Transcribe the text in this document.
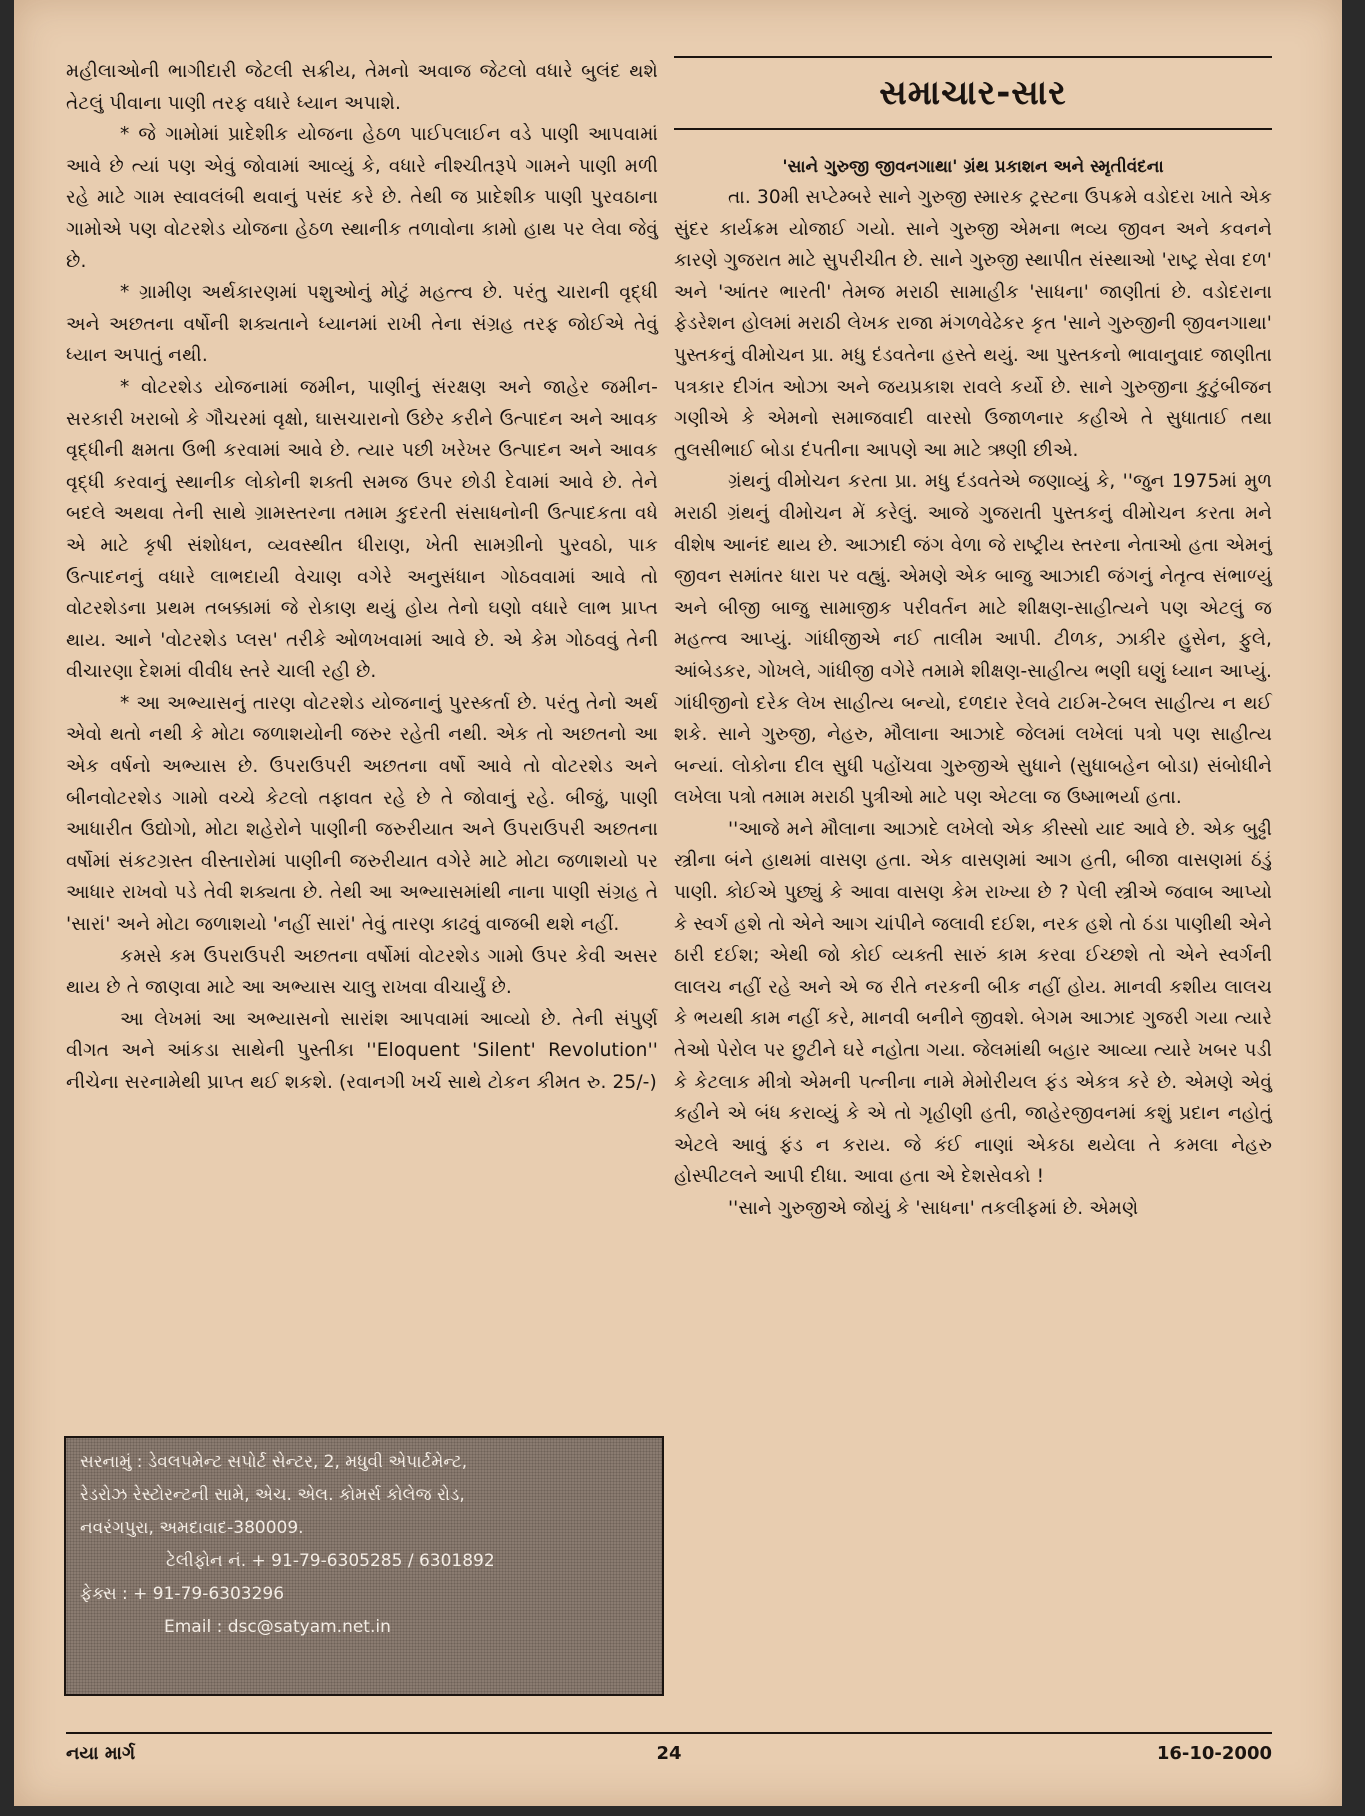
મહીલાઓની ભાગીદારી જેટલી સક્રીય, તેમનો અવાજ જેટલો વધારે બુલંદ થશે તેટલું પીવાના પાણી તરફ વધારે ધ્યાન અપાશે.

* જે ગામોમાં પ્રાદેશીક યોજના હેઠળ પાઈપલાઈન વડે પાણી આપવામાં આવે છે ત્યાં પણ એવું જોવામાં આવ્યું કે, વધારે નીશ્ચીતરૂપે ગામને પાણી મળી રહે માટે ગામ સ્વાવલંબી થવાનું પસંદ કરે છે. તેથી જ પ્રાદેશીક પાણી પુરવઠાના ગામોએ પણ વોટરશેડ યોજના હેઠળ સ્થાનીક તળાવોના કામો હાથ પર લેવા જેવું છે.

* ગ્રામીણ અર્થકારણમાં પશુઓનું મોટું મહત્ત્વ છે. પરંતુ ચારાની વૃદ્ધી અને અછતના વર્ષોની શક્યતાને ધ્યાનમાં રાખી તેના સંગ્રહ તરફ જોઈએ તેવું ધ્યાન અપાતું નથી.

* વોટરશેડ યોજનામાં જમીન, પાણીનું સંરક્ષણ અને જાહેર જમીન-સરકારી ખરાબો કે ગૌચરમાં વૃક્ષો, ઘાસચારાનો ઉછેર કરીને ઉત્પાદન અને આવક વૃદ્ધીની ક્ષમતા ઉભી કરવામાં આવે છે. ત્યાર પછી ખરેખર ઉત્પાદન અને આવક વૃદ્ધી કરવાનું સ્થાનીક લોકોની શક્તી સમજ ઉપર છોડી દેવામાં આવે છે. તેને બદલે અથવા તેની સાથે ગ્રામસ્તરના તમામ કુદરતી સંસાધનોની ઉત્પાદકતા વધે એ માટે કૃષી સંશોધન, વ્યવસ્થીત ધીરાણ, ખેતી સામગ્રીનો પુરવઠો, પાક ઉત્પાદનનું વધારે લાભદાયી વેચાણ વગેરે અનુસંધાન ગોઠવવામાં આવે તો વોટરશેડના પ્રથમ તબક્કામાં જે રોકાણ થયું હોય તેનો ઘણો વધારે લાભ પ્રાપ્ત થાય. આને 'વોટરશેડ પ્લસ' તરીકે ઓળખવામાં આવે છે. એ કેમ ગોઠવવું તેની વીચારણા દેશમાં વીવીધ સ્તરે ચાલી રહી છે.

* આ અભ્યાસનું તારણ વોટરશેડ યોજનાનું પુરસ્કર્તા છે. પરંતુ તેનો અર્થ એવો થતો નથી કે મોટા જળાશયોની જરુર રહેતી નથી. એક તો અછતનો આ એક વર્ષનો અભ્યાસ છે. ઉપરાઉપરી અછતના વર્ષો આવે તો વોટરશેડ અને બીનવોટરશેડ ગામો વચ્ચે કેટલો તફાવત રહે છે તે જોવાનું રહે. બીજું, પાણી આધારીત ઉદ્યોગો, મોટા શહેરોને પાણીની જરુરીયાત અને ઉપરાઉપરી અછતના વર્ષોમાં સંકટગ્રસ્ત વીસ્તારોમાં પાણીની જરુરીયાત વગેરે માટે મોટા જળાશયો પર આધાર રાખવો પડે તેવી શક્યતા છે. તેથી આ અભ્યાસમાંથી નાના પાણી સંગ્રહ તે 'સારાં' અને મોટા જળાશયો 'નહીં સારાં' તેવું તારણ કાઢવું વાજબી થશે નહીં.

કમસે કમ ઉપરાઉપરી અછતના વર્ષોમાં વોટરશેડ ગામો ઉપર કેવી અસર થાય છે તે જાણવા માટે આ અભ્યાસ ચાલુ રાખવા વીચાર્યું છે.

આ લેખમાં આ અભ્યાસનો સારાંશ આપવામાં આવ્યો છે. તેની સંપુર્ણ વીગત અને આંકડા સાથેની પુસ્તીકા ''Eloquent 'Silent' Revolution'' નીચેના સરનામેથી પ્રાપ્ત થઈ શકશે. (રવાનગી ખર્ચ સાથે ટોકન કીમત રુ. 25/-)

સરનામું : ડેવલપમેન્ટ સપોર્ટ સેન્ટર, 2, મધુવી એપાર્ટમેન્ટ,
રેડરોઝ રેસ્ટોરન્ટની સામે, એચ. એલ. કોમર્સ કોલેજ રોડ,
નવરંગપુરા, અમદાવાદ-380009.
ટેલીફોન નં. + 91-79-6305285 / 6301892
ફેક્સ : + 91-79-6303296
Email : dsc@satyam.net.in
સમાચાર-સાર
'સાને ગુરુજી જીવનગાથા' ગ્રંથ પ્રકાશન અને સ્મૃતીવંદના

તા. 30મી સપ્ટેમ્બરે સાને ગુરુજી સ્મારક ટ્રસ્ટના ઉપક્રમે વડોદરા ખાતે એક સુંદર કાર્યક્રમ યોજાઈ ગયો. સાને ગુરુજી એમના ભવ્ય જીવન અને કવનને કારણે ગુજરાત માટે સુપરીચીત છે. સાને ગુરુજી સ્થાપીત સંસ્થાઓ 'રાષ્ટ્ર સેવા દળ' અને 'આંતર ભારતી' તેમજ મરાઠી સામાહીક 'સાધના' જાણીતાં છે. વડોદરાના ફેડરેશન હોલમાં મરાઠી લેખક રાજા મંગળવેઢેકર કૃત 'સાને ગુરુજીની જીવનગાથા' પુસ્તકનું વીમોચન પ્રા. મધુ દંડવતેના હસ્તે થયું. આ પુસ્તકનો ભાવાનુવાદ જાણીતા પત્રકાર દીગંત ઓઝા અને જયપ્રકાશ રાવલે કર્યો છે. સાને ગુરુજીના કુટુંબીજન ગણીએ કે એમનો સમાજવાદી વારસો ઉજાળનાર કહીએ તે સુધાતાઈ તથા તુલસીભાઈ બોડા દંપતીના આપણે આ માટે ઋણી છીએ.

ગ્રંથનું વીમોચન કરતા પ્રા. મધુ દંડવતેએ જણાવ્યું કે, ''જુન 1975માં મુળ મરાઠી ગ્રંથનું વીમોચન મેં કરેલું. આજે ગુજરાતી પુસ્તકનું વીમોચન કરતા મને વીશેષ આનંદ થાય છે. આઝાદી જંગ વેળા જે રાષ્ટ્રીય સ્તરના નેતાઓ હતા એમનું જીવન સમાંતર ધારા પર વહ્યું. એમણે એક બાજુ આઝાદી જંગનું નેતૃત્વ સંભાળ્યું અને બીજી બાજુ સામાજીક પરીવર્તન માટે શીક્ષણ-સાહીત્યને પણ એટલું જ મહત્ત્વ આપ્યું. ગાંધીજીએ નઈ તાલીમ આપી. ટીળક, ઝાકીર હુસેન, ફુલે, આંબેડકર, ગોખલે, ગાંધીજી વગેરે તમામે શીક્ષણ-સાહીત્ય ભણી ઘણું ધ્યાન આપ્યું. ગાંધીજીનો દરેક લેખ સાહીત્ય બન્યો, દળદાર રેલવે ટાઈમ-ટેબલ સાહીત્ય ન થઈ શકે. સાને ગુરુજી, નેહરુ, મૌલાના આઝાદે જેલમાં લખેલાં પત્રો પણ સાહીત્ય બન્યાં. લોકોના દીલ સુધી પહોંચવા ગુરુજીએ સુધાને (સુધાબહેન બોડા) સંબોધીને લખેલા પત્રો તમામ મરાઠી પુત્રીઓ માટે પણ એટલા જ ઉષ્માભર્યા હતા.

''આજે મને મૌલાના આઝાદે લખેલો એક કીસ્સો યાદ આવે છે. એક બુઢ્ઢી સ્ત્રીના બંને હાથમાં વાસણ હતા. એક વાસણમાં આગ હતી, બીજા વાસણમાં ઠંડું પાણી. કોઈએ પુછ્યું કે આવા વાસણ કેમ રાખ્યા છે ? પેલી સ્ત્રીએ જવાબ આપ્યો કે સ્વર્ગ હશે તો એને આગ ચાંપીને જલાવી દઈશ, નરક હશે તો ઠંડા પાણીથી એને ઠારી દઈશ; એથી જો કોઈ વ્યક્તી સારું કામ કરવા ઈચ્છશે તો એને સ્વર્ગની લાલચ નહીં રહે અને એ જ રીતે નરકની બીક નહીં હોય. માનવી કશીય લાલચ કે ભયથી કામ નહીં કરે, માનવી બનીને જીવશે. બેગમ આઝાદ ગુજરી ગયા ત્યારે તેઓ પેરોલ પર છુટીને ઘરે નહોતા ગયા. જેલમાંથી બહાર આવ્યા ત્યારે ખબર પડી કે કેટલાક મીત્રો એમની પત્નીના નામે મેમોરીયલ ફંડ એકત્ર કરે છે. એમણે એવું કહીને એ બંધ કરાવ્યું કે એ તો ગૃહીણી હતી, જાહેરજીવનમાં કશું પ્રદાન નહોતું એટલે આવું ફંડ ન કરાય. જે કંઈ નાણાં એકઠા થયેલા તે કમલા નેહરુ હોસ્પીટલને આપી દીધા. આવા હતા એ દેશસેવકો !

''સાને ગુરુજીએ જોયું કે 'સાધના' તકલીફમાં છે. એમણે

નયા માર્ગ	24	16-10-2000
